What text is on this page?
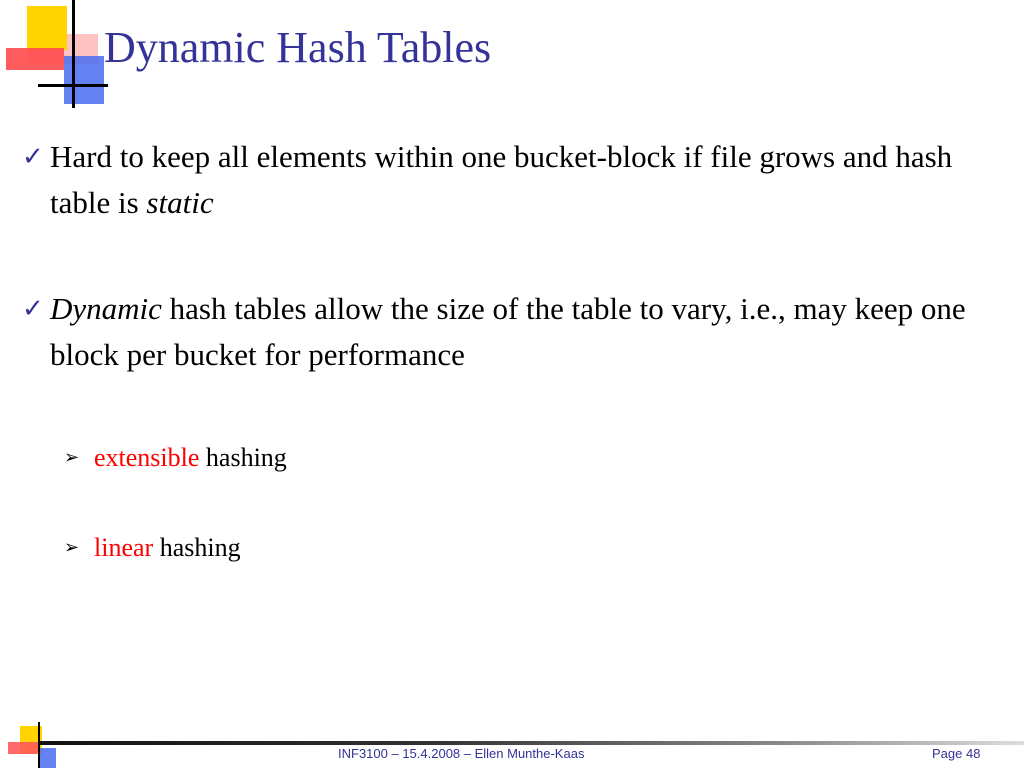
Dynamic Hash Tables
✓ Hard to keep all elements within one bucket-block if file grows and hash table is static
✓ Dynamic hash tables allow the size of the table to vary, i.e., may keep one block per bucket for performance
➢ extensible hashing
➢ linear hashing
INF3100 – 15.4.2008 – Ellen Munthe-Kaas	Page 48
